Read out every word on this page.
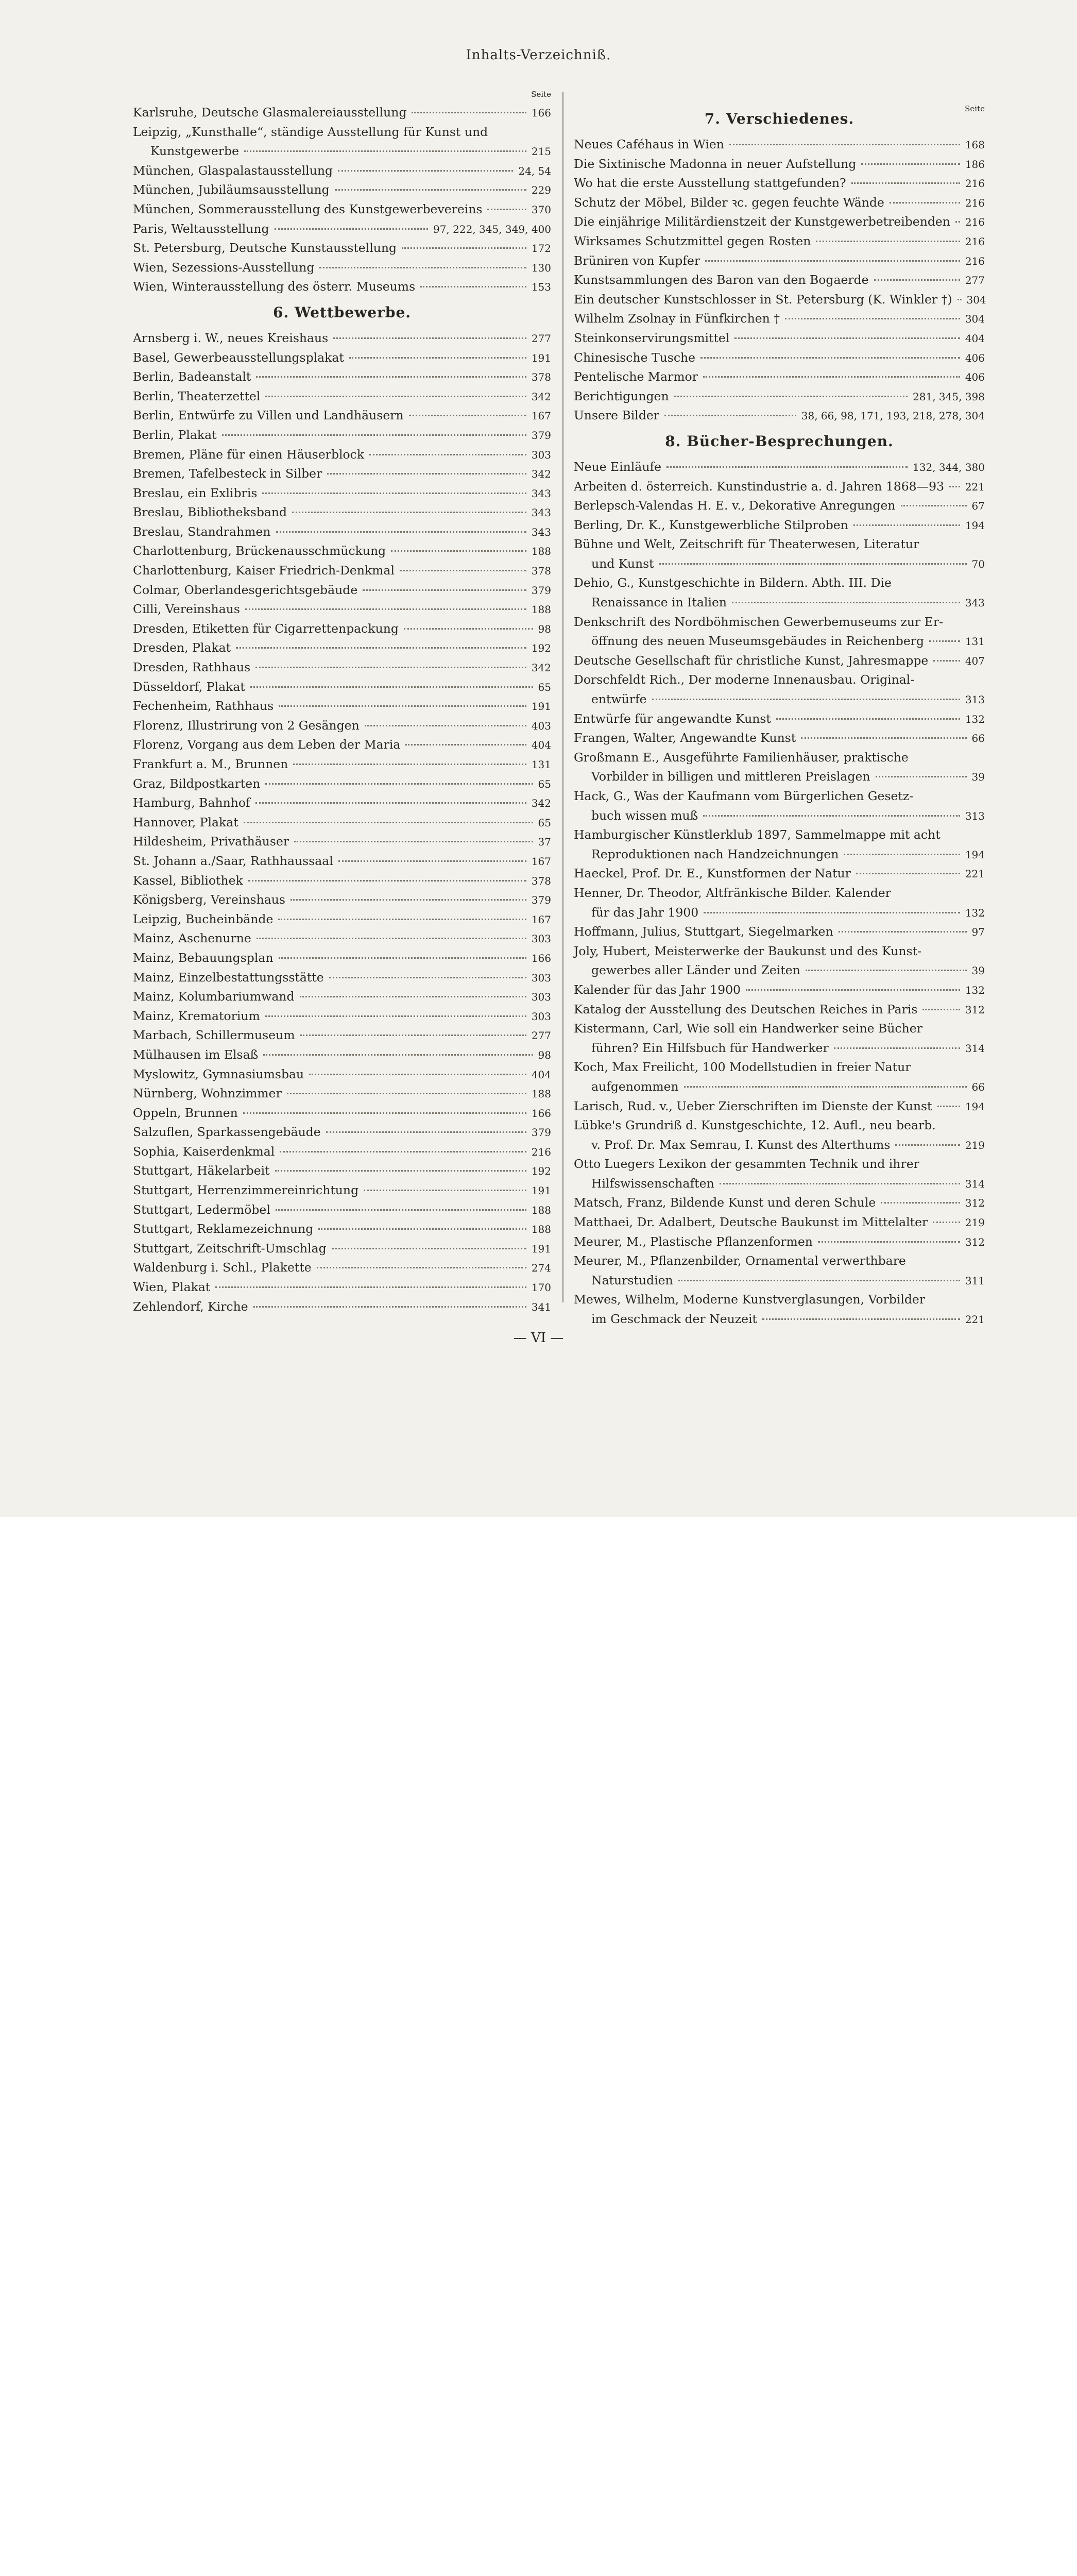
Inhalts-Verzeichniß.
Seite
Seite
Karlsruhe, Deutsche Glasmalereiausstellung	166
Leipzig, „Kunsthalle“, ständige Ausstellung für Kunst und
Kunstgewerbe	215
München, Glaspalastausstellung	24, 54
München, Jubiläumsausstellung	229
München, Sommerausstellung des Kunstgewerbevereins	370
Paris, Weltausstellung	97, 222, 345, 349, 400
St. Petersburg, Deutsche Kunstausstellung	172
Wien, Sezessions-Ausstellung	130
Wien, Winterausstellung des österr. Museums	153
6. Wettbewerbe.
Arnsberg i. W., neues Kreishaus	277
Basel, Gewerbeausstellungsplakat	191
Berlin, Badeanstalt	378
Berlin, Theaterzettel	342
Berlin, Entwürfe zu Villen und Landhäusern	167
Berlin, Plakat	379
Bremen, Pläne für einen Häuserblock	303
Bremen, Tafelbesteck in Silber	342
Breslau, ein Exlibris	343
Breslau, Bibliotheksband	343
Breslau, Standrahmen	343
Charlottenburg, Brückenausschmückung	188
Charlottenburg, Kaiser Friedrich-Denkmal	378
Colmar, Oberlandesgerichtsgebäude	379
Cilli, Vereinshaus	188
Dresden, Etiketten für Cigarrettenpackung	98
Dresden, Plakat	192
Dresden, Rathhaus	342
Düsseldorf, Plakat	65
Fechenheim, Rathhaus	191
Florenz, Illustrirung von 2 Gesängen	403
Florenz, Vorgang aus dem Leben der Maria	404
Frankfurt a. M., Brunnen	131
Graz, Bildpostkarten	65
Hamburg, Bahnhof	342
Hannover, Plakat	65
Hildesheim, Privathäuser	37
St. Johann a./Saar, Rathhaussaal	167
Kassel, Bibliothek	378
Königsberg, Vereinshaus	379
Leipzig, Bucheinbände	167
Mainz, Aschenurne	303
Mainz, Bebauungsplan	166
Mainz, Einzelbestattungsstätte	303
Mainz, Kolumbariumwand	303
Mainz, Krematorium	303
Marbach, Schillermuseum	277
Mülhausen im Elsaß	98
Myslowitz, Gymnasiumsbau	404
Nürnberg, Wohnzimmer	188
Oppeln, Brunnen	166
Salzuflen, Sparkassengebäude	379
Sophia, Kaiserdenkmal	216
Stuttgart, Häkelarbeit	192
Stuttgart, Herrenzimmereinrichtung	191
Stuttgart, Ledermöbel	188
Stuttgart, Reklamezeichnung	188
Stuttgart, Zeitschrift-Umschlag	191
Waldenburg i. Schl., Plakette	274
Wien, Plakat	170
Zehlendorf, Kirche	341
7. Verschiedenes.
Neues Caféhaus in Wien	168
Die Sixtinische Madonna in neuer Aufstellung	186
Wo hat die erste Ausstellung stattgefunden?	216
Schutz der Möbel, Bilder ꝛc. gegen feuchte Wände	216
Die einjährige Militärdienstzeit der Kunstgewerbetreibenden 216
Wirksames Schutzmittel gegen Rosten	216
Brüniren von Kupfer	216
Kunstsammlungen des Baron van den Bogaerde	277
Ein deutscher Kunstschlosser in St. Petersburg (K. Winkler †) 304
Wilhelm Zsolnay in Fünfkirchen †	304
Steinkonservirungsmittel	404
Chinesische Tusche	406
Pentelische Marmor	406
Berichtigungen	281, 345, 398
Unsere Bilder	38, 66, 98, 171, 193, 218, 278, 304
8. Bücher-Besprechungen.
Neue Einläufe	132, 344, 380
Arbeiten d. österreich. Kunstindustrie a. d. Jahren 1868—93 221
Berlepsch-Valendas H. E. v., Dekorative Anregungen	67
Berling, Dr. K., Kunstgewerbliche Stilproben	194
Bühne und Welt, Zeitschrift für Theaterwesen, Literatur
und Kunst	70
Dehio, G., Kunstgeschichte in Bildern. Abth. III. Die
Renaissance in Italien	343
Denkschrift des Nordböhmischen Gewerbemuseums zur Er-
öffnung des neuen Museumsgebäudes in Reichenberg	131
Deutsche Gesellschaft für christliche Kunst, Jahresmappe	407
Dorschfeldt Rich., Der moderne Innenausbau. Original-
entwürfe	313
Entwürfe für angewandte Kunst	132
Frangen, Walter, Angewandte Kunst	66
Großmann E., Ausgeführte Familienhäuser, praktische
Vorbilder in billigen und mittleren Preislagen	39
Hack, G., Was der Kaufmann vom Bürgerlichen Gesetz-
buch wissen muß	313
Hamburgischer Künstlerklub 1897, Sammelmappe mit acht
Reproduktionen nach Handzeichnungen	194
Haeckel, Prof. Dr. E., Kunstformen der Natur	221
Henner, Dr. Theodor, Altfränkische Bilder. Kalender
für das Jahr 1900	132
Hoffmann, Julius, Stuttgart, Siegelmarken	97
Joly, Hubert, Meisterwerke der Baukunst und des Kunst-
gewerbes aller Länder und Zeiten	39
Kalender für das Jahr 1900	132
Katalog der Ausstellung des Deutschen Reiches in Paris	312
Kistermann, Carl, Wie soll ein Handwerker seine Bücher
führen? Ein Hilfsbuch für Handwerker	314
Koch, Max Freilicht, 100 Modellstudien in freier Natur
aufgenommen	66
Larisch, Rud. v., Ueber Zierschriften im Dienste der Kunst	194
Lübke's Grundriß d. Kunstgeschichte, 12. Aufl., neu bearb.
v. Prof. Dr. Max Semrau, I. Kunst des Alterthums	219
Otto Luegers Lexikon der gesammten Technik und ihrer
Hilfswissenschaften	314
Matsch, Franz, Bildende Kunst und deren Schule	312
Matthaei, Dr. Adalbert, Deutsche Baukunst im Mittelalter	219
Meurer, M., Plastische Pflanzenformen	312
Meurer, M., Pflanzenbilder, Ornamental verwerthbare
Naturstudien	311
Mewes, Wilhelm, Moderne Kunstverglasungen, Vorbilder
im Geschmack der Neuzeit	221
— VI —
